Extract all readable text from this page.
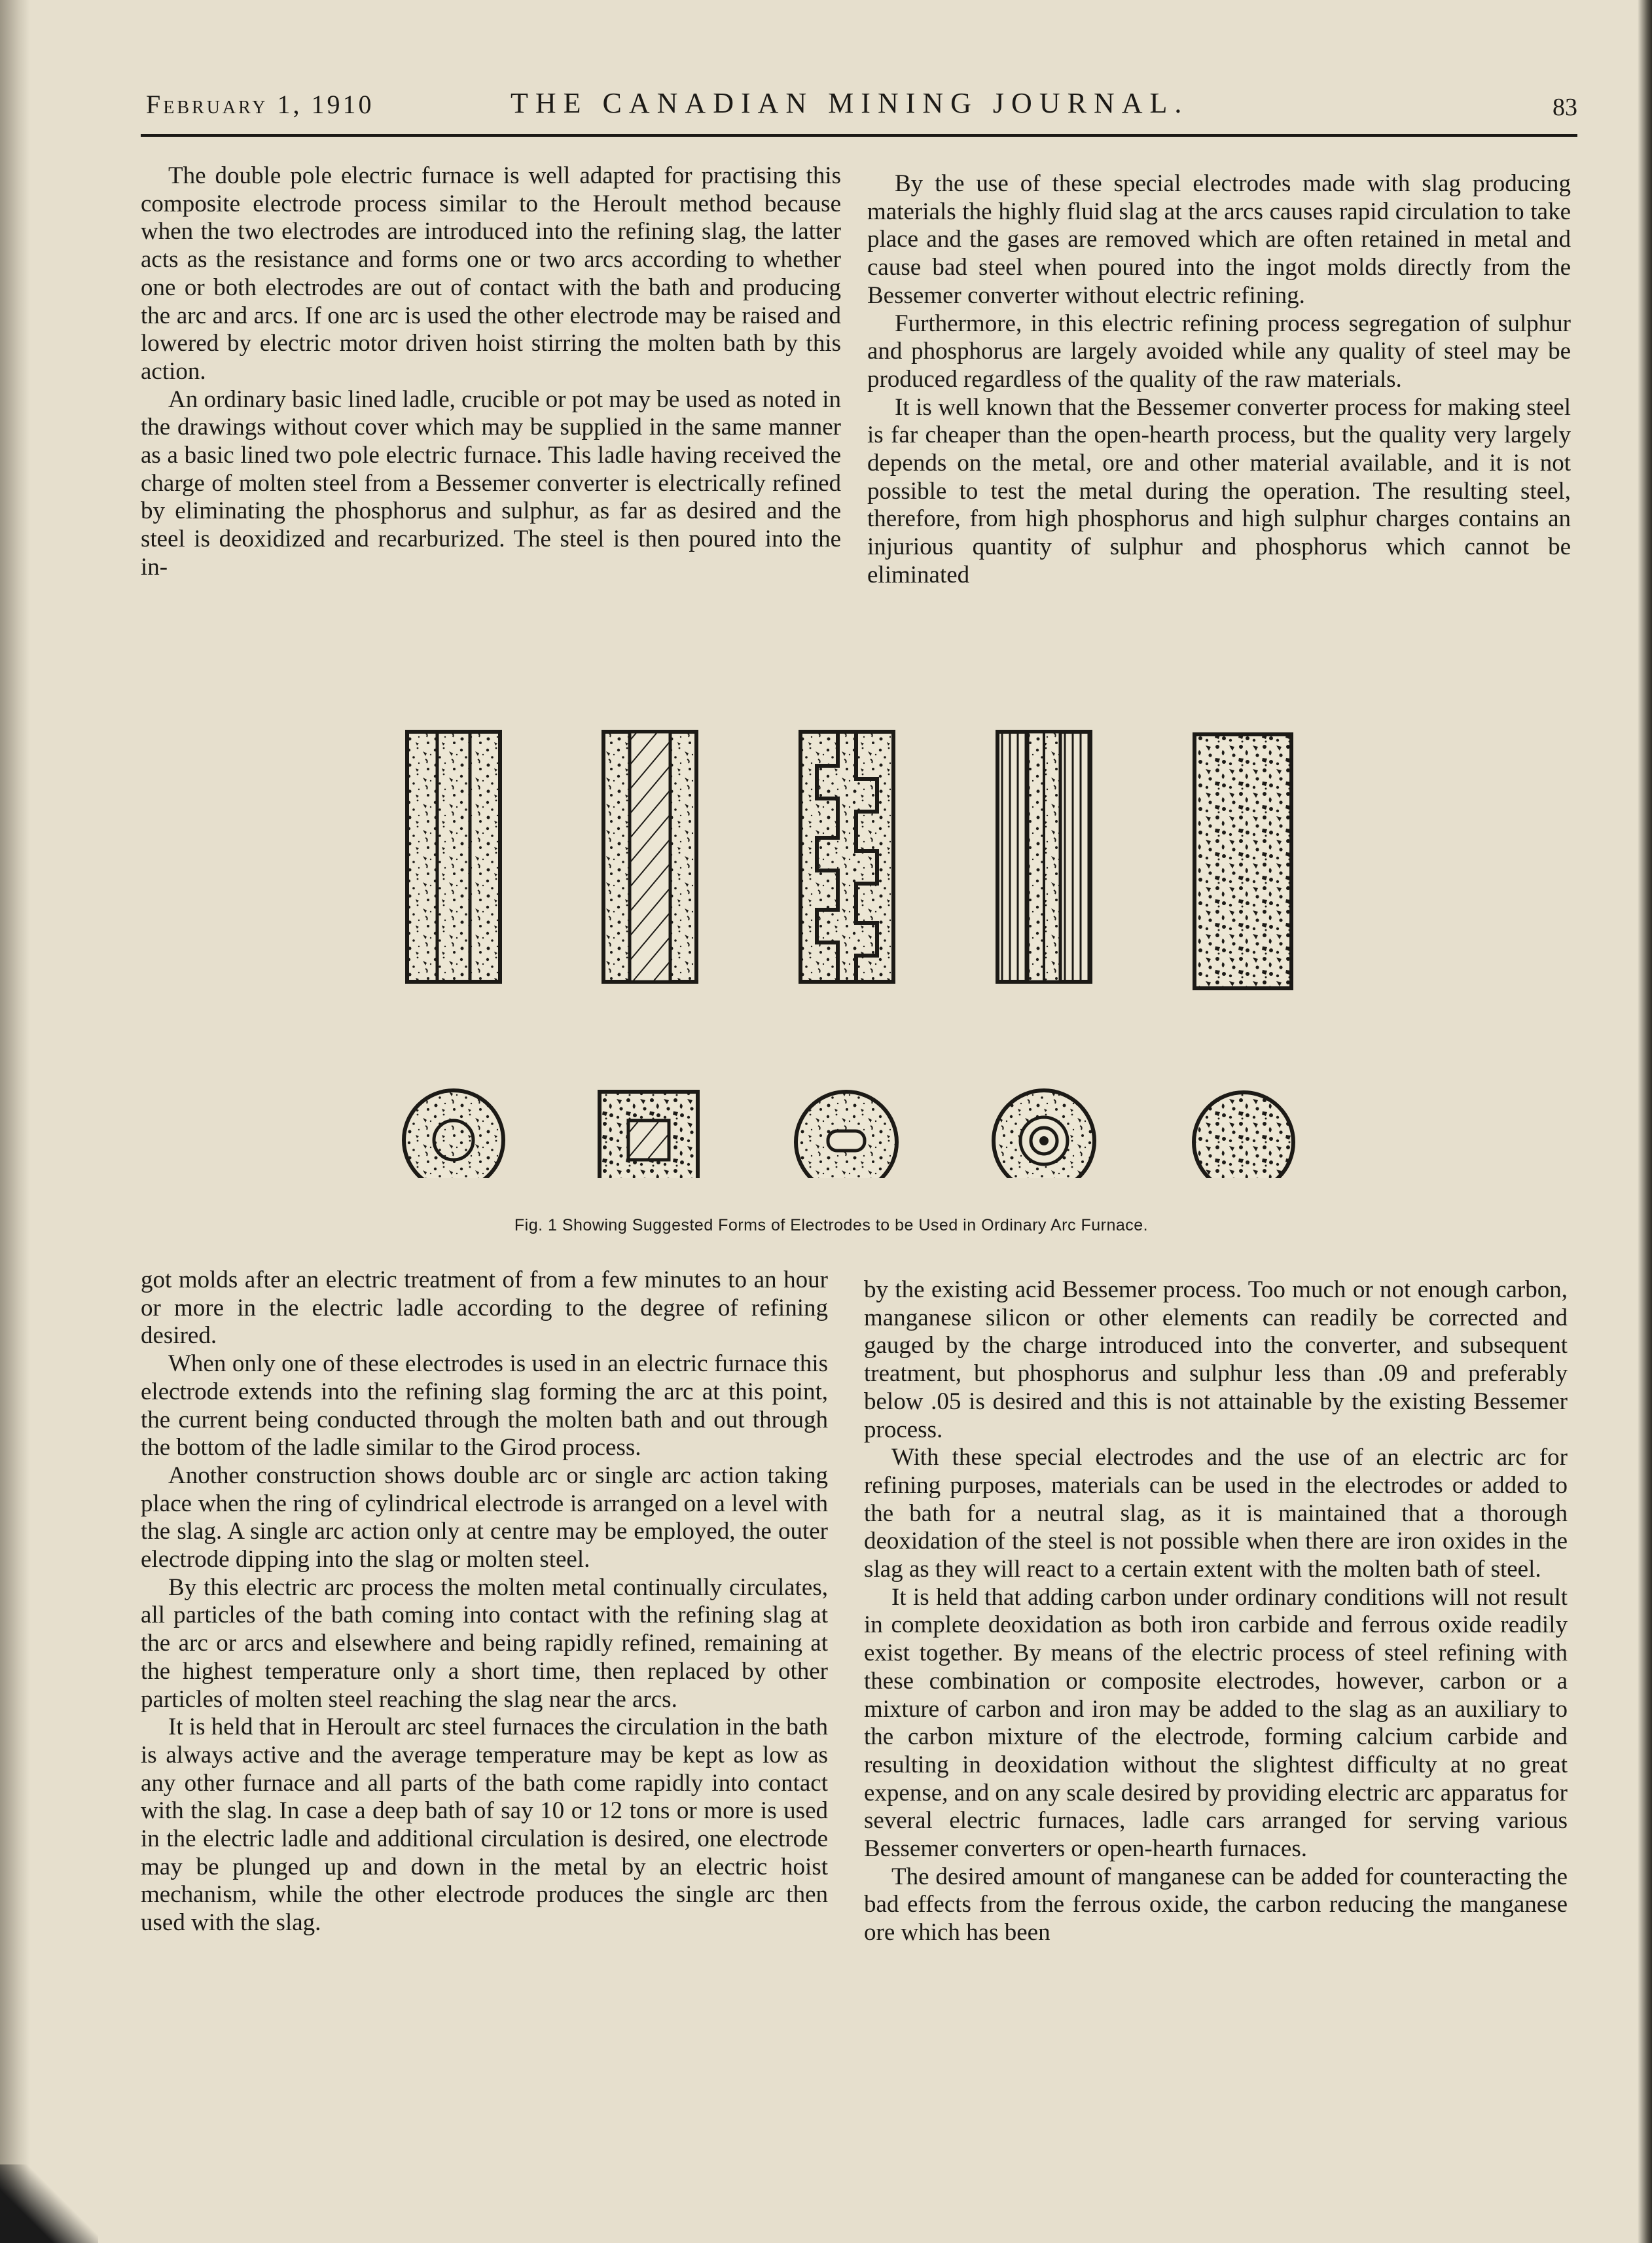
February 1, 1910	THE CANADIAN MINING JOURNAL.	83

The double pole electric furnace is well adapted for practising this composite electrode process similar to the Heroult method because when the two electrodes are introduced into the refining slag, the latter acts as the resistance and forms one or two arcs according to whether one or both electrodes are out of contact with the bath and producing the arc and arcs. If one arc is used the other electrode may be raised and lowered by electric motor driven hoist stirring the molten bath by this action.

An ordinary basic lined ladle, crucible or pot may be used as noted in the drawings without cover which may be supplied in the same manner as a basic lined two pole electric furnace. This ladle having received the charge of molten steel from a Bessemer converter is electrically refined by eliminating the phosphorus and sulphur, as far as desired and the steel is deoxidized and recarburized. The steel is then poured into the in-

By the use of these special electrodes made with slag producing materials the highly fluid slag at the arcs causes rapid circulation to take place and the gases are removed which are often retained in metal and cause bad steel when poured into the ingot molds directly from the Bessemer converter without electric refining.

Furthermore, in this electric refining process segregation of sulphur and phosphorus are largely avoided while any quality of steel may be produced regardless of the quality of the raw materials.

It is well known that the Bessemer converter process for making steel is far cheaper than the open-hearth process, but the quality very largely depends on the metal, ore and other material available, and it is not possible to test the metal during the operation. The resulting steel, therefore, from high phosphorus and high sulphur charges contains an injurious quantity of sulphur and phosphorus which cannot be eliminated

Fig. 1 Showing Suggested Forms of Electrodes to be Used in Ordinary Arc Furnace.

got molds after an electric treatment of from a few minutes to an hour or more in the electric ladle according to the degree of refining desired.

When only one of these electrodes is used in an electric furnace this electrode extends into the refining slag forming the arc at this point, the current being conducted through the molten bath and out through the bottom of the ladle similar to the Girod process.

Another construction shows double arc or single arc action taking place when the ring of cylindrical electrode is arranged on a level with the slag. A single arc action only at centre may be employed, the outer electrode dipping into the slag or molten steel.

By this electric arc process the molten metal continually circulates, all particles of the bath coming into contact with the refining slag at the arc or arcs and elsewhere and being rapidly refined, remaining at the highest temperature only a short time, then replaced by other particles of molten steel reaching the slag near the arcs.

It is held that in Heroult arc steel furnaces the circulation in the bath is always active and the average temperature may be kept as low as any other furnace and all parts of the bath come rapidly into contact with the slag. In case a deep bath of say 10 or 12 tons or more is used in the electric ladle and additional circulation is desired, one electrode may be plunged up and down in the metal by an electric hoist mechanism, while the other electrode produces the single arc then used with the slag.

by the existing acid Bessemer process. Too much or not enough carbon, manganese silicon or other elements can readily be corrected and gauged by the charge introduced into the converter, and subsequent treatment, but phosphorus and sulphur less than .09 and preferably below .05 is desired and this is not attainable by the existing Bessemer process.

With these special electrodes and the use of an electric arc for refining purposes, materials can be used in the electrodes or added to the bath for a neutral slag, as it is maintained that a thorough deoxidation of the steel is not possible when there are iron oxides in the slag as they will react to a certain extent with the molten bath of steel.

It is held that adding carbon under ordinary conditions will not result in complete deoxidation as both iron carbide and ferrous oxide readily exist together. By means of the electric process of steel refining with these combination or composite electrodes, however, carbon or a mixture of carbon and iron may be added to the slag as an auxiliary to the carbon mixture of the electrode, forming calcium carbide and resulting in deoxidation without the slightest difficulty at no great expense, and on any scale desired by providing electric arc apparatus for several electric furnaces, ladle cars arranged for serving various Bessemer converters or open-hearth furnaces.

The desired amount of manganese can be added for counteracting the bad effects from the ferrous oxide, the carbon reducing the manganese ore which has been
